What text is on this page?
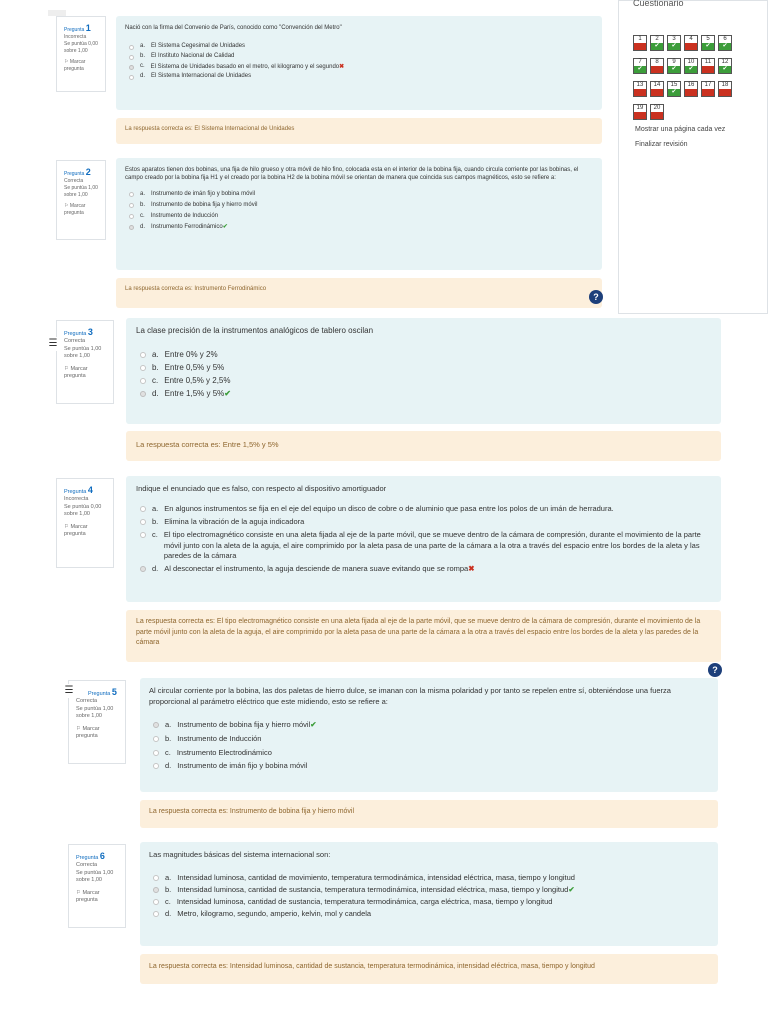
Cuestionario
1	2
✔
3
✔
4	5
✔
6
✔
7
✔
8	9
✔
10
✔
11	12
✔
13	14	15
✔
16	17	18
19	20
Mostrar una página cada vez
Finalizar revisión
Pregunta 1
Incorrecta
Se puntúa 0,00
sobre 1,00
⚐ Marcar pregunta

Nació con la firma del Convenio de París, conocido como "Convención del Metro"

a. El Sistema Cegesimal de Unidades
b. El Instituto Nacional de Calidad
c. El Sistema de Unidades basado en el metro, el kilogramo y el segundo✖
d. El Sistema Internacional de Unidades
La respuesta correcta es: El Sistema Internacional de Unidades
Pregunta 2
Correcta
Se puntúa 1,00
sobre 1,00
⚐ Marcar pregunta

Estos aparatos tienen dos bobinas, una fija de hilo grueso y otra móvil de hilo fino, colocada esta en el interior de la bobina fija, cuando circula corriente por las bobinas, el campo creado por la bobina fija H1 y el creado por la bobina H2 de la bobina móvil se orientan de manera que coincida sus campos magnéticos, esto se refiere a:

a. Instrumento de imán fijo y bobina móvil
b. Instrumento de bobina fija y hierro móvil
c. Instrumento de Inducción
d. Instrumento Ferrodinámico✔
La respuesta correcta es: Instrumento Ferrodinámico
?
Pregunta 3
Correcta
Se puntúa 1,00
sobre 1,00
⚐ Marcar pregunta
☰

La clase precisión de la instrumentos analógicos de tablero oscilan

a. Entre 0% y 2%
b. Entre 0,5% y 5%
c. Entre 0,5% y 2,5%
d. Entre 1,5% y 5%✔
La respuesta correcta es: Entre 1,5% y 5%
Pregunta 4
Incorrecta
Se puntúa 0,00
sobre 1,00
⚐ Marcar pregunta

Indique el enunciado que es falso, con respecto al dispositivo amortiguador

a. En algunos instrumentos se fija en el eje del equipo un disco de cobre o de aluminio que pasa entre los polos de un imán de herradura.
b. Elimina la vibración de la aguja indicadora
c. El tipo electromagnético consiste en una aleta fijada al eje de la parte móvil, que se mueve dentro de la cámara de compresión, durante el movimiento de la parte móvil junto con la aleta de la aguja, el aire comprimido por la aleta pasa de una parte de la cámara a la otra a través del espacio entre los bordes de la aleta y las paredes de la cámara
d. Al desconectar el instrumento, la aguja desciende de manera suave evitando que se rompa✖
La respuesta correcta es: El tipo electromagnético consiste en una aleta fijada al eje de la parte móvil, que se mueve dentro de la cámara de compresión, durante el movimiento de la parte móvil junto con la aleta de la aguja, el aire comprimido por la aleta pasa de una parte de la cámara a la otra a través del espacio entre los bordes de la aleta y las paredes de la cámara
?
Pregunta 5
Correcta
Se puntúa 1,00
sobre 1,00
⚐ Marcar pregunta
☰	Al circular corriente por la bobina, las dos paletas de hierro dulce, se imanan con la misma polaridad y por tanto se repelen entre sí, obteniéndose una fuerza proporcional al parámetro eléctrico que este midiendo, esto se refiere a:

a. Instrumento de bobina fija y hierro móvil✔
b. Instrumento de Inducción
c. Instrumento Electrodinámico
d. Instrumento de imán fijo y bobina móvil
La respuesta correcta es: Instrumento de bobina fija y hierro móvil
Pregunta 6
Correcta
Se puntúa 1,00
sobre 1,00
⚐ Marcar pregunta

Las magnitudes básicas del sistema internacional son:

a. Intensidad luminosa, cantidad de movimiento, temperatura termodinámica, intensidad eléctrica, masa, tiempo y longitud
b. Intensidad luminosa, cantidad de sustancia, temperatura termodinámica, intensidad eléctrica, masa, tiempo y longitud✔
c. Intensidad luminosa, cantidad de sustancia, temperatura termodinámica, carga eléctrica, masa, tiempo y longitud
d. Metro, kilogramo, segundo, amperio, kelvin, mol y candela
La respuesta correcta es: Intensidad luminosa, cantidad de sustancia, temperatura termodinámica, intensidad eléctrica, masa, tiempo y longitud
